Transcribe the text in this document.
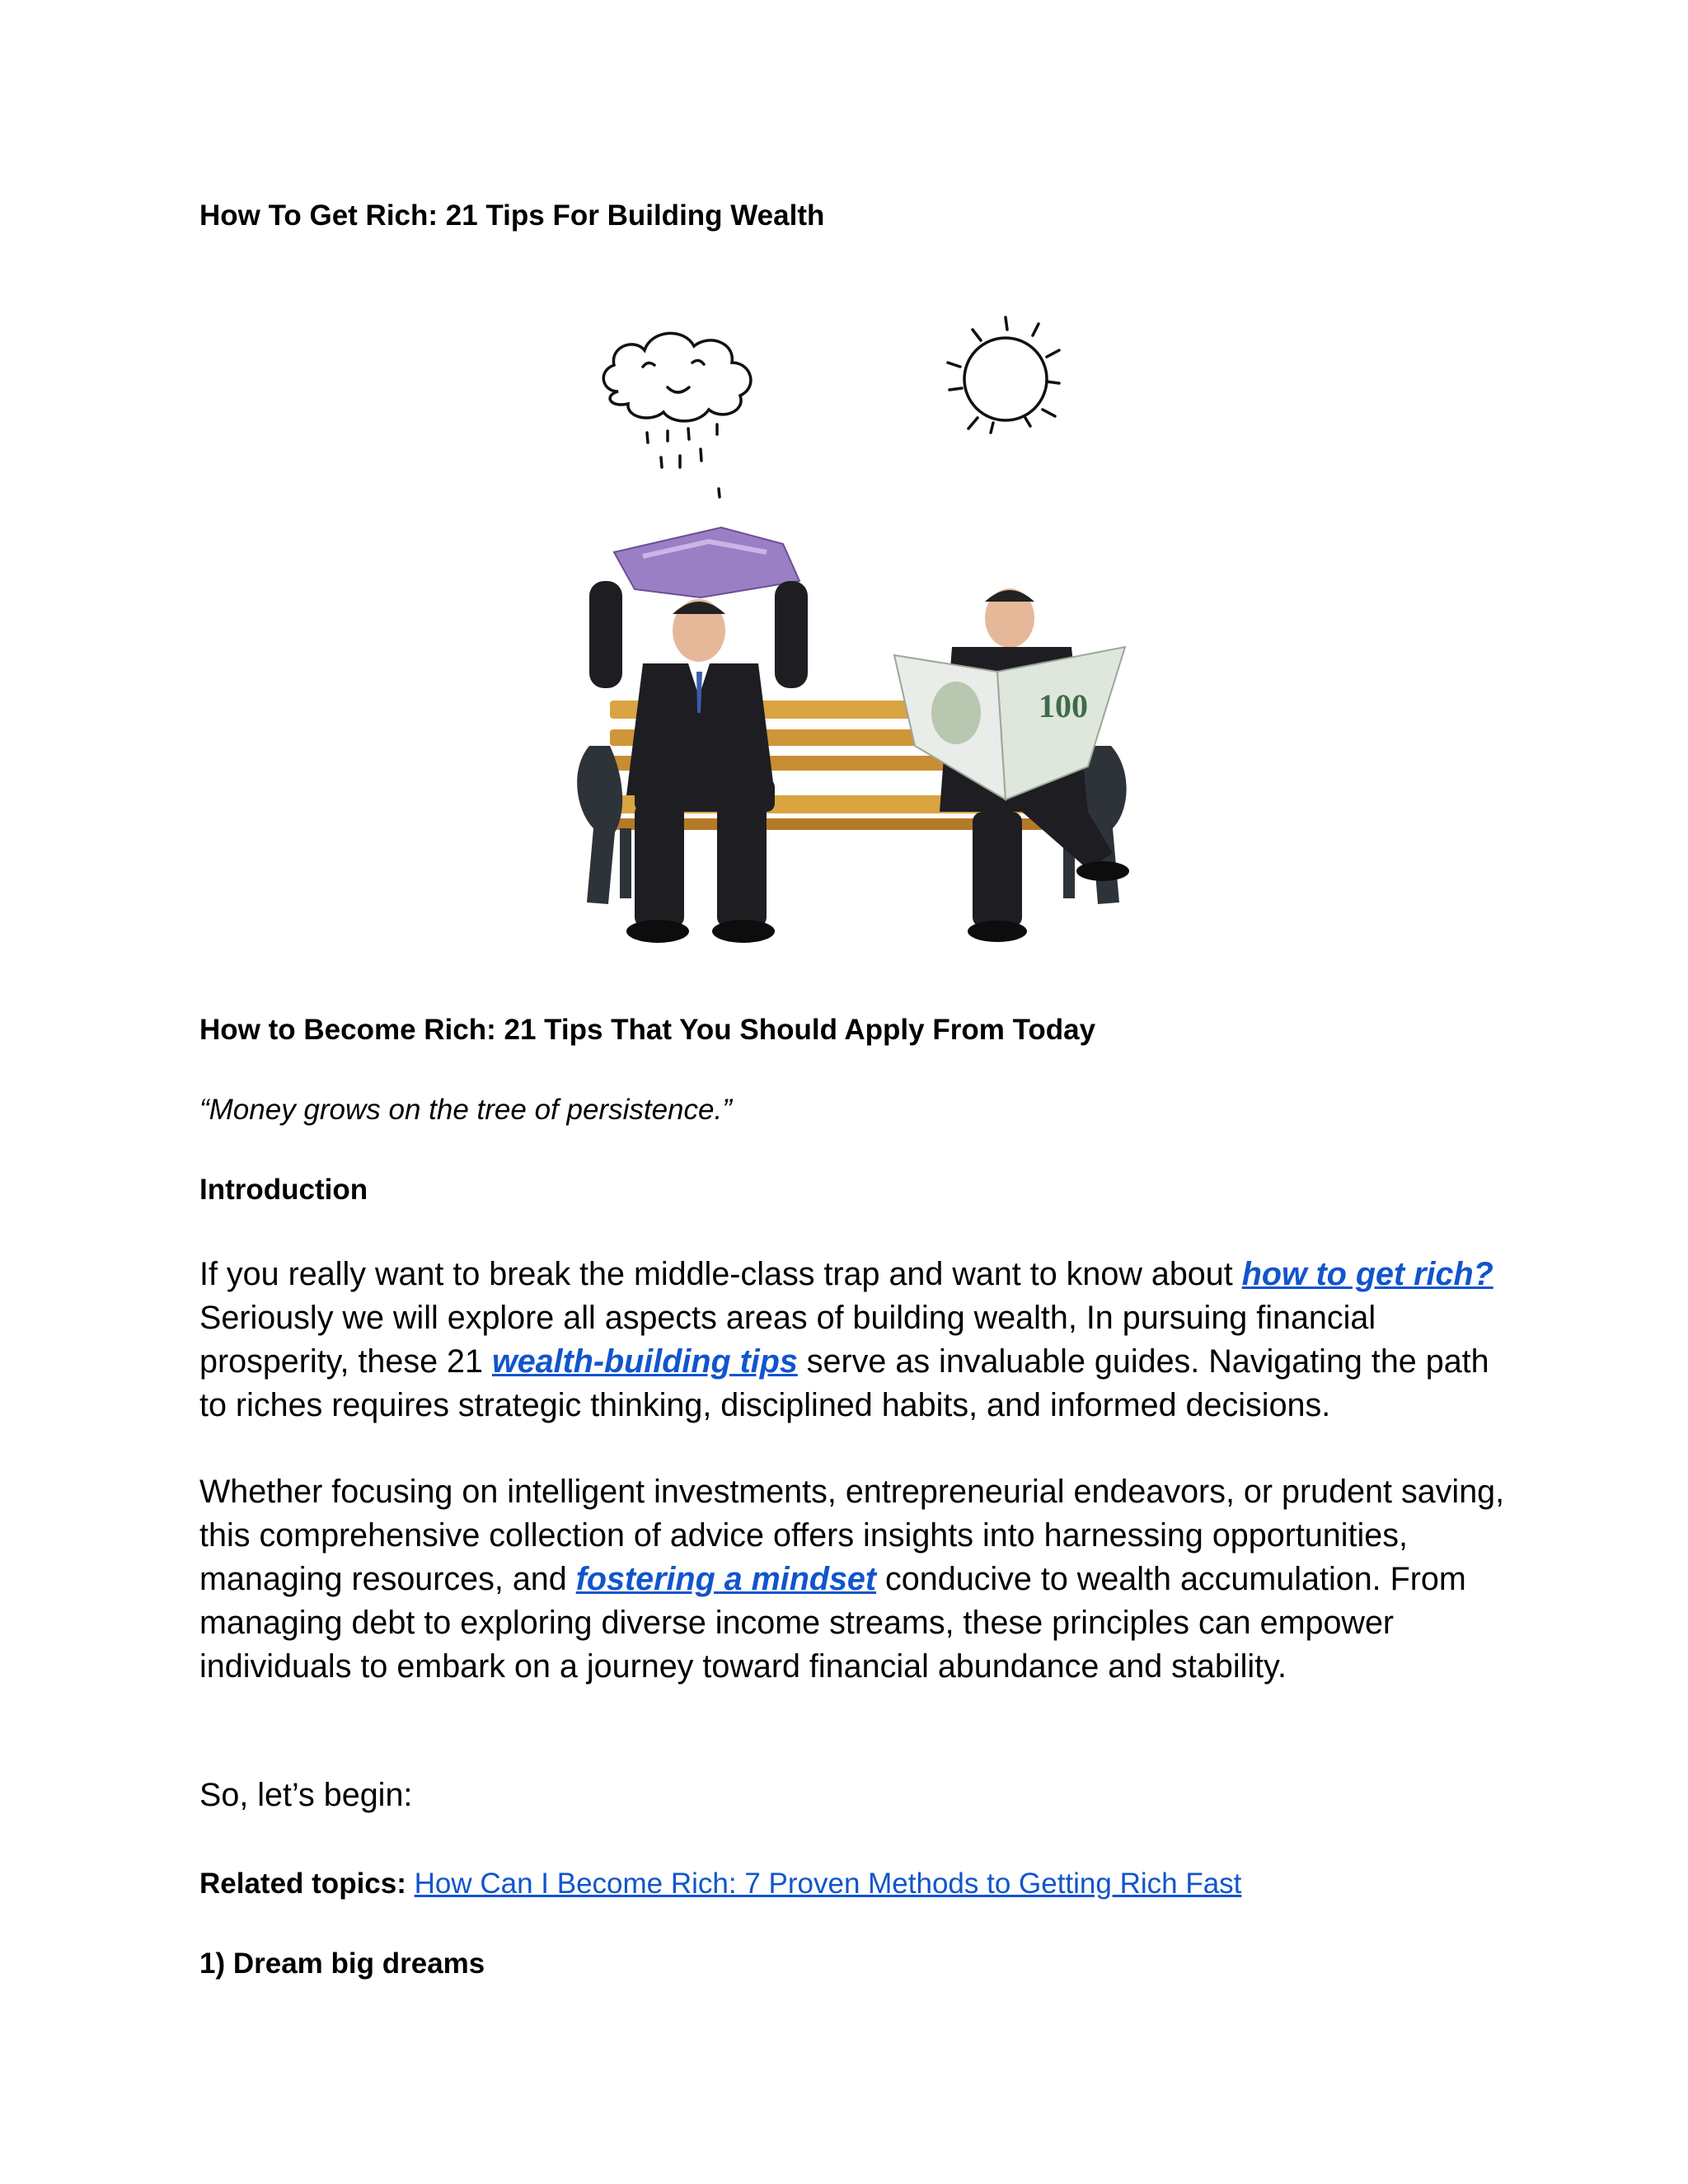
How To Get Rich: 21 Tips For Building Wealth
100
How to Become Rich: 21 Tips That You Should Apply From Today
“Money grows on the tree of persistence.”
Introduction
If you really want to break the middle-class trap and want to know about how to get rich? Seriously we will explore all aspects areas of building wealth, In pursuing financial prosperity, these 21 wealth-building tips serve as invaluable guides. Navigating the path to riches requires strategic thinking, disciplined habits, and informed decisions.
Whether focusing on intelligent investments, entrepreneurial endeavors, or prudent saving, this comprehensive collection of advice offers insights into harnessing opportunities, managing resources, and fostering a mindset conducive to wealth accumulation. From managing debt to exploring diverse income streams, these principles can empower individuals to embark on a journey toward financial abundance and stability.
So, let’s begin:
Related topics: How Can I Become Rich: 7 Proven Methods to Getting Rich Fast
1) Dream big dreams
